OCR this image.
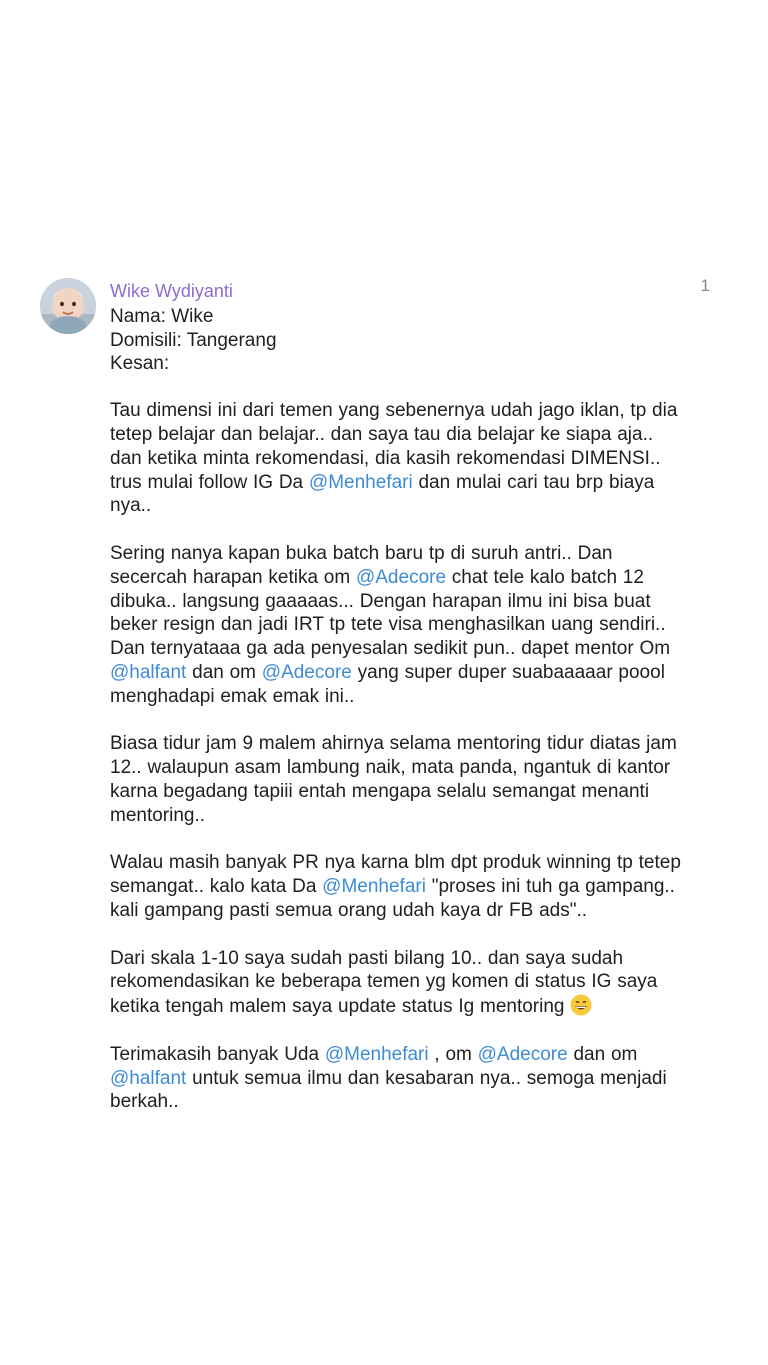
1
Wike Wydiyanti
Nama: Wike
Domisili: Tangerang
Kesan:
Tau dimensi ini dari temen yang sebenernya udah jago iklan, tp dia tetep belajar dan belajar.. dan saya tau dia belajar ke siapa aja.. dan ketika minta rekomendasi, dia kasih rekomendasi DIMENSI.. trus mulai follow IG Da @Menhefari dan mulai cari tau brp biaya nya..
Sering nanya kapan buka batch baru tp di suruh antri.. Dan secercah harapan ketika om @Adecore chat tele kalo batch 12 dibuka.. langsung gaaaaas... Dengan harapan ilmu ini bisa buat beker resign dan jadi IRT tp tete visa menghasilkan uang sendiri.. Dan ternyataaa ga ada penyesalan sedikit pun.. dapet mentor Om @halfant dan om @Adecore yang super duper suabaaaaar poool menghadapi emak emak ini..
Biasa tidur jam 9 malem ahirnya selama mentoring tidur diatas jam 12.. walaupun asam lambung naik, mata panda, ngantuk di kantor karna begadang tapiii entah mengapa selalu semangat menanti mentoring..
Walau masih banyak PR nya karna blm dpt produk winning tp tetep semangat.. kalo kata Da @Menhefari "proses ini tuh ga gampang.. kali gampang pasti semua orang udah kaya dr FB ads"..
Dari skala 1-10 saya sudah pasti bilang 10.. dan saya sudah rekomendasikan ke beberapa temen yg komen di status IG saya ketika tengah malem saya update status Ig mentoring
Terimakasih banyak Uda @Menhefari , om @Adecore dan om @halfant untuk semua ilmu dan kesabaran nya.. semoga menjadi berkah..
